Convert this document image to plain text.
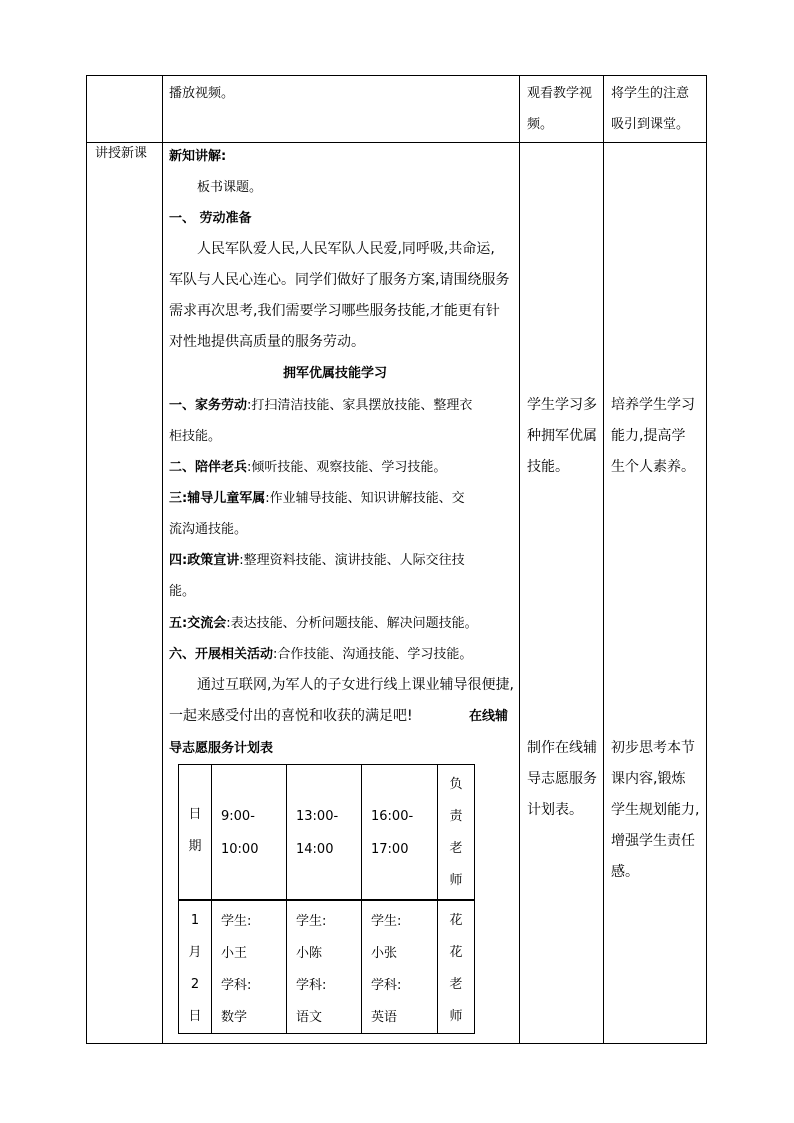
播放视频。	观看教学视
频。
将学生的注意
吸引到课堂。
讲授新课 新知讲解:
板书课题。
一、 劳动准备
人民军队爱人民,人民军队人民爱,同呼吸,共命运,
军队与人民心连心。同学们做好了服务方案,请围绕服务
需求再次思考,我们需要学习哪些服务技能,才能更有针
对性地提供高质量的服务劳动。
拥军优属技能学习
一、家务劳动:打扫清洁技能、家具摆放技能、整理衣
柜技能。
二、陪伴老兵:倾听技能、观察技能、学习技能。
三:辅导儿童军属:作业辅导技能、知识讲解技能、交
流沟通技能。
四:政策宣讲:整理资料技能、演讲技能、人际交往技
能。
五:交流会:表达技能、分析问题技能、解决问题技能。
六、开展相关活动:合作技能、沟通技能、学习技能。
通过互联网,为军人的子女进行线上课业辅导很便捷,
一起来感受付出的喜悦和收获的满足吧!	在线辅
导志愿服务计划表
学生学习多
种拥军优属
技能。
制作在线辅
导志愿服务
计划表。
培养学生学习
能力,提高学
生个人素养。
初步思考本节
课内容,锻炼
学生规划能力,
增强学生责任
感。
日
期
9:00-
10:00
13:00-
14:00
16:00-
17:00
负
责
老
师
1
月
2
日
学生:
小王
学科:
数学
学生:
小陈
学科:
语文
学生:
小张
学科:
英语
花
花
老
师
